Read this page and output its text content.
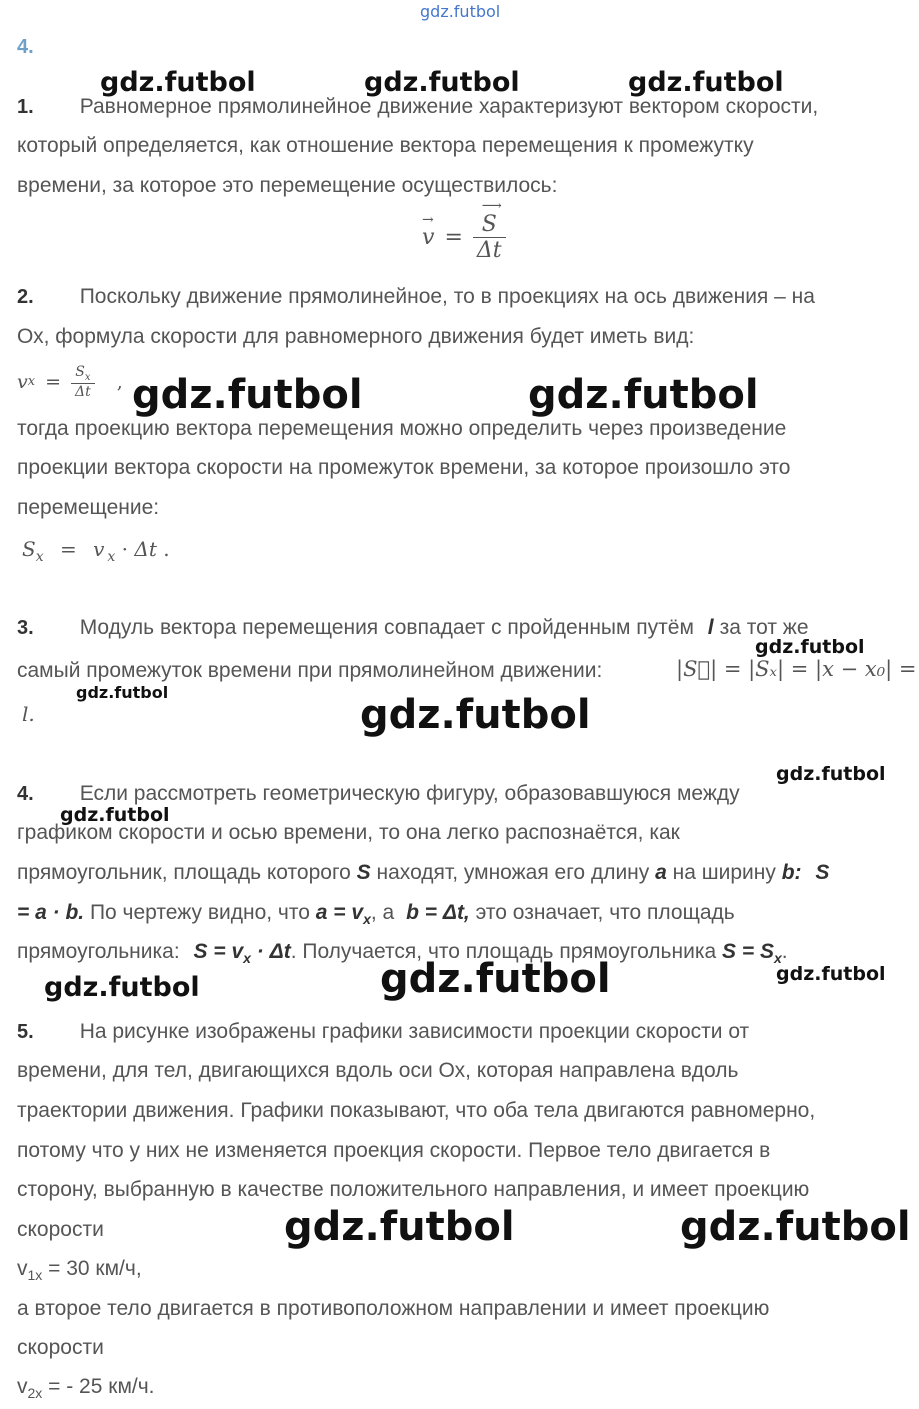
gdz.futbol
4.
gdz.futbol	gdz.futbol	gdz.futbol
1. Равномерное прямолинейное движение характеризуют вектором скорости,
который определяется, как отношение вектора перемещения к промежутку
времени, за которое это перемещение осуществилось:
→
v = ⟶
S
Δt
2. Поскольку движение прямолинейное, то в проекциях на ось движения – на
Ох, формула скорости для равномерного движения будет иметь вид:
v $x = \frac{S_x}{\Delta t}$ , gdz.futbol	gdz.futbol
тогда проекцию вектора перемещения можно определить через произведение
проекции вектора скорости на промежуток времени, за которое произошло это
перемещение:
$S_x = v$ $_x$ · Δt .
3. Модуль вектора перемещения совпадает с пройденным путём l за тот же
gdz.futbol
самый промежуток времени при прямолинейном движении:	|S⃗| = |Sₓ| = |x − x₀| =
gdz.futbol
l.	gdz.futbol
gdz.futbol
4. Если рассмотреть геометрическую фигуру, образовавшуюся между
gdz.futbol
графиком скорости и осью времени, то она легко распознаётся, как
прямоугольник, площадь которого S находят, умножая его длину a на ширину b: S
= a · b. По чертежу видно, что $a = v_x$, а b = Δt, это означает, что площадь
прямоугольника: $S = v_x \cdot \Delta t$. Получается, что площадь прямоугольника $S = S_x$.
gdz.futbol	gdz.futbol
gdz.futbol
5. На рисунке изображены графики зависимости проекции скорости от
времени, для тел, двигающихся вдоль оси Ох, которая направлена вдоль
траектории движения. Графики показывают, что оба тела двигаются равномерно,
потому что у них не изменяется проекция скорости. Первое тело двигается в
сторону, выбранную в качестве положительного направления, и имеет проекцию
скорости	gdz.futbol	gdz.futbol
$v_{1x} = 30$ км/ч,
а второе тело двигается в противоположном направлении и имеет проекцию
скорости
$v_{2x}$ = - 25 км/ч.
